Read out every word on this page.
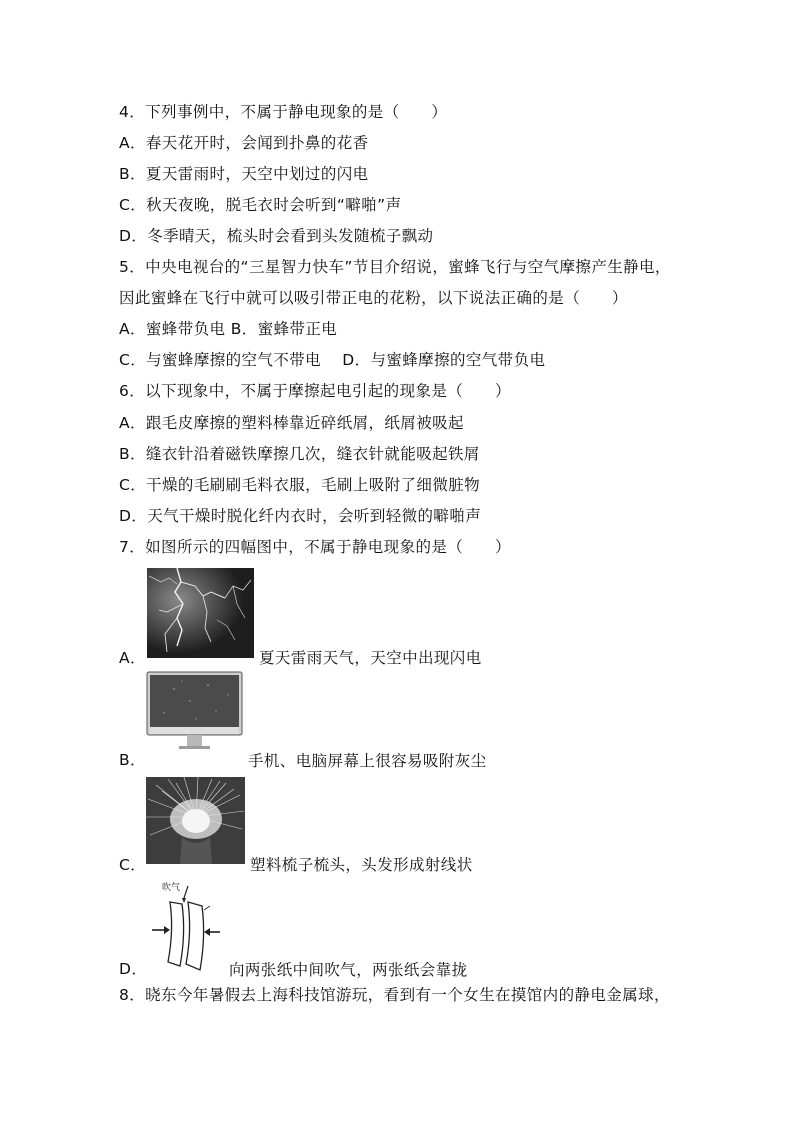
4．下列事例中，不属于静电现象的是（　　）
A．春天花开时，会闻到扑鼻的花香
B．夏天雷雨时，天空中划过的闪电
C．秋天夜晚，脱毛衣时会听到“噼啪”声
D．冬季晴天，梳头时会看到头发随梳子飘动
5．中央电视台的“三星智力快车”节目介绍说，蜜蜂飞行与空气摩擦产生静电，
因此蜜蜂在飞行中就可以吸引带正电的花粉，以下说法正确的是（　　）
A．蜜蜂带负电 B．蜜蜂带正电
C．与蜜蜂摩擦的空气不带电　 D．与蜜蜂摩擦的空气带负电
6．以下现象中，不属于摩擦起电引起的现象是（　　）
A．跟毛皮摩擦的塑料棒靠近碎纸屑，纸屑被吸起
B．缝衣针沿着磁铁摩擦几次，缝衣针就能吸起铁屑
C．干燥的毛刷刷毛料衣服，毛刷上吸附了细微脏物
D．天气干燥时脱化纤内衣时，会听到轻微的噼啪声
7．如图所示的四幅图中，不属于静电现象的是（　　）
A．	夏天雷雨天气，天空中出现闪电
B．	手机、电脑屏幕上很容易吸附灰尘
C．	塑料梳子梳头，头发形成射线状
D．
吹气
向两张纸中间吹气，两张纸会靠拢
8．晓东今年暑假去上海科技馆游玩，看到有一个女生在摸馆内的静电金属球，
